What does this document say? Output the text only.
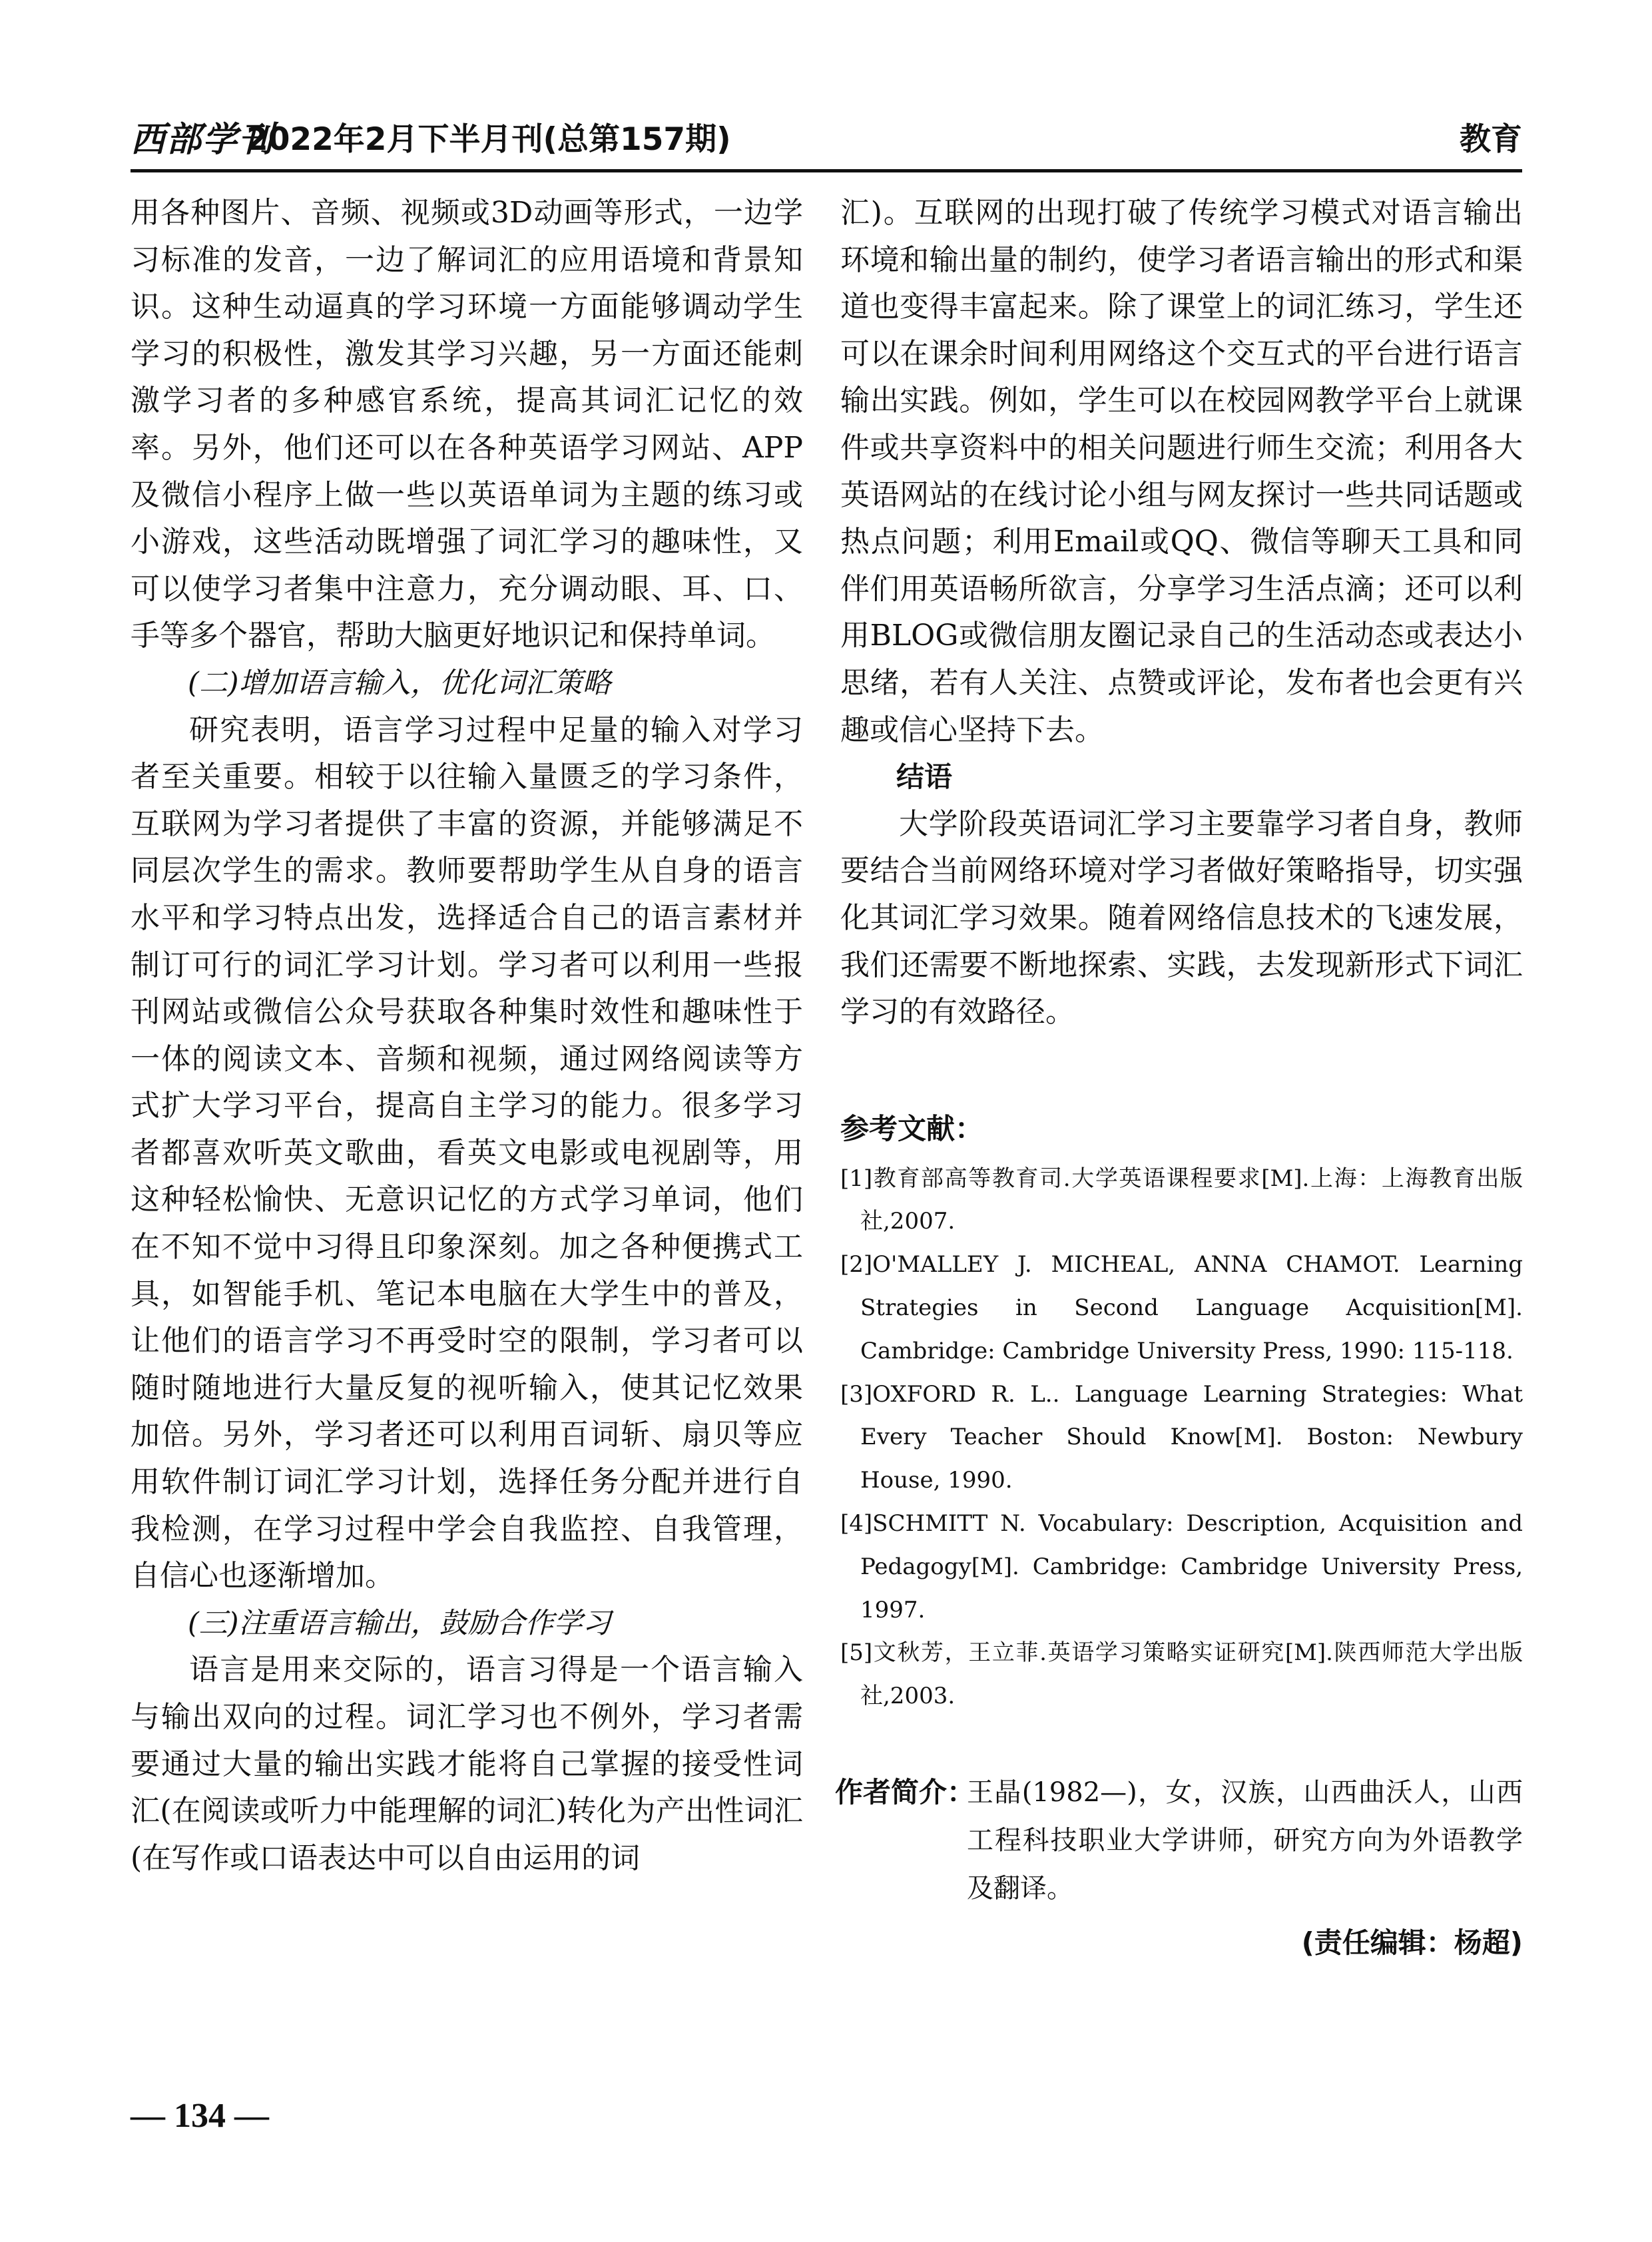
西部学刊
2022年2月下半月刊(总第157期)	教育

用各种图片、音频、视频或3D动画等形式，一边学习标准的发音，一边了解词汇的应用语境和背景知识。这种生动逼真的学习环境一方面能够调动学生学习的积极性，激发其学习兴趣，另一方面还能刺激学习者的多种感官系统，提高其词汇记忆的效率。另外，他们还可以在各种英语学习网站、APP及微信小程序上做一些以英语单词为主题的练习或小游戏，这些活动既增强了词汇学习的趣味性，又可以使学习者集中注意力，充分调动眼、耳、口、手等多个器官，帮助大脑更好地识记和保持单词。

(二)增加语言输入，优化词汇策略

研究表明，语言学习过程中足量的输入对学习者至关重要。相较于以往输入量匮乏的学习条件，互联网为学习者提供了丰富的资源，并能够满足不同层次学生的需求。教师要帮助学生从自身的语言水平和学习特点出发，选择适合自己的语言素材并制订可行的词汇学习计划。学习者可以利用一些报刊网站或微信公众号获取各种集时效性和趣味性于一体的阅读文本、音频和视频，通过网络阅读等方式扩大学习平台，提高自主学习的能力。很多学习者都喜欢听英文歌曲，看英文电影或电视剧等，用这种轻松愉快、无意识记忆的方式学习单词，他们在不知不觉中习得且印象深刻。加之各种便携式工具，如智能手机、笔记本电脑在大学生中的普及，让他们的语言学习不再受时空的限制，学习者可以随时随地进行大量反复的视听输入，使其记忆效果加倍。另外，学习者还可以利用百词斩、扇贝等应用软件制订词汇学习计划，选择任务分配并进行自我检测，在学习过程中学会自我监控、自我管理，自信心也逐渐增加。

(三)注重语言输出，鼓励合作学习

语言是用来交际的，语言习得是一个语言输入与输出双向的过程。词汇学习也不例外，学习者需要通过大量的输出实践才能将自己掌握的接受性词汇(在阅读或听力中能理解的词汇)转化为产出性词汇(在写作或口语表达中可以自由运用的词

汇)。互联网的出现打破了传统学习模式对语言输出环境和输出量的制约，使学习者语言输出的形式和渠道也变得丰富起来。除了课堂上的词汇练习，学生还可以在课余时间利用网络这个交互式的平台进行语言输出实践。例如，学生可以在校园网教学平台上就课件或共享资料中的相关问题进行师生交流；利用各大英语网站的在线讨论小组与网友探讨一些共同话题或热点问题；利用Email或QQ、微信等聊天工具和同伴们用英语畅所欲言，分享学习生活点滴；还可以利用BLOG或微信朋友圈记录自己的生活动态或表达小思绪，若有人关注、点赞或评论，发布者也会更有兴趣或信心坚持下去。

结语

大学阶段英语词汇学习主要靠学习者自身，教师要结合当前网络环境对学习者做好策略指导，切实强化其词汇学习效果。随着网络信息技术的飞速发展，我们还需要不断地探索、实践，去发现新形式下词汇学习的有效路径。

参考文献：

[1]教育部高等教育司.大学英语课程要求[M].上海：上海教育出版社,2007.

[2]O'MALLEY J. MICHEAL, ANNA CHAMOT. Learning Strategies in Second Language Acquisition[M]. Cambridge: Cambridge University Press, 1990: 115-118.

[3]OXFORD R. L.. Language Learning Strategies: What Every Teacher Should Know[M]. Boston: Newbury House, 1990.

[4]SCHMITT N. Vocabulary: Description, Acquisition and Pedagogy[M]. Cambridge: Cambridge University Press, 1997.

[5]文秋芳，王立菲.英语学习策略实证研究[M].陕西师范大学出版社,2003.

作者简介：

王晶(1982—)，女，汉族，山西曲沃人，山西工程科技职业大学讲师，研究方向为外语教学及翻译。

(责任编辑：杨超)
— 134 —
